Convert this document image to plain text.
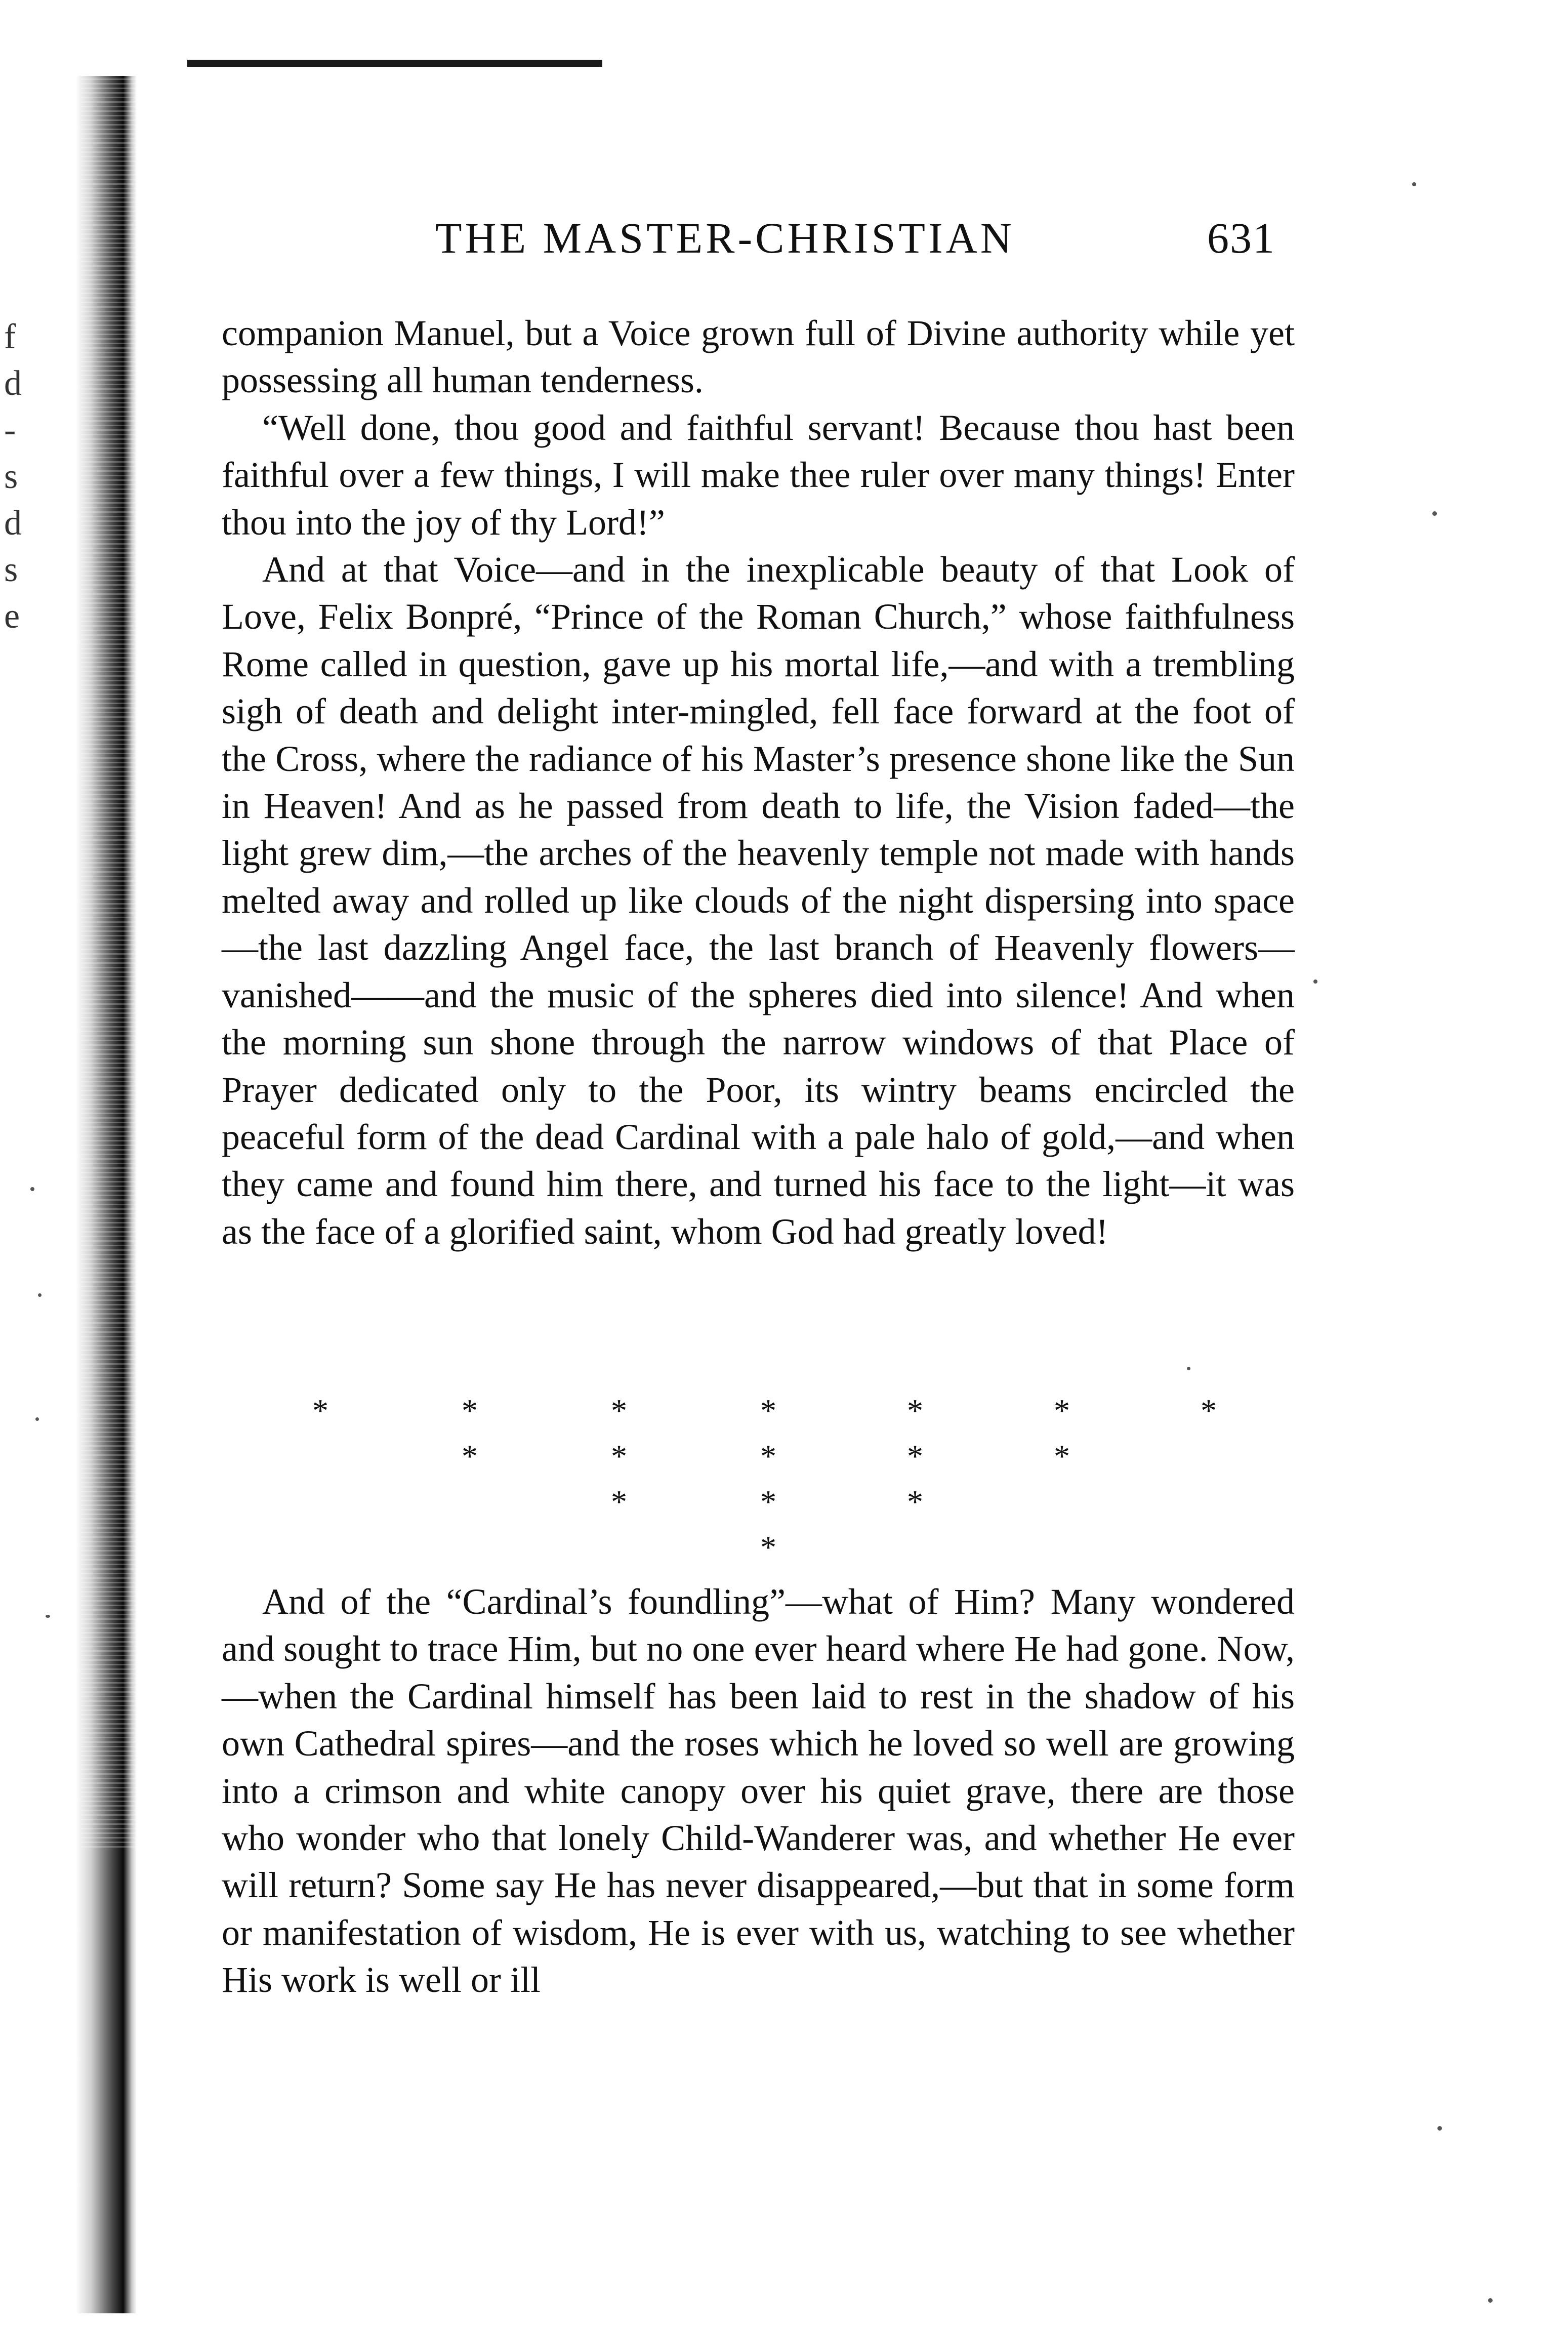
f
d
-
s
d
s
e
THE MASTER-CHRISTIAN	631

companion Manuel, but a Voice grown full of Divine authority while yet possessing all human tenderness.

“Well done, thou good and faithful servant! Because thou hast been faithful over a few things, I will make thee ruler over many things! Enter thou into the joy of thy Lord!”

And at that Voice—and in the inexplicable beauty of that Look of Love, Felix Bonpré, “Prince of the Roman Church,” whose faithfulness Rome called in question, gave up his mortal life,—and with a trembling sigh of death and delight inter-mingled, fell face forward at the foot of the Cross, where the radiance of his Master’s presence shone like the Sun in Heaven! And as he passed from death to life, the Vision faded—the light grew dim,—the arches of the heavenly temple not made with hands melted away and rolled up like clouds of the night dispersing into space—the last dazzling Angel face, the last branch of Heavenly flowers—vanished——and the music of the spheres died into silence! And when the morning sun shone through the narrow windows of that Place of Prayer dedicated only to the Poor, its wintry beams encircled the peaceful form of the dead Cardinal with a pale halo of gold,—and when they came and found him there, and turned his face to the light—it was as the face of a glorified saint, whom God had greatly loved!

*	*	*	*	*	*	*
*	*	*	*	*
*	*	*
*

And of the “Cardinal’s foundling”—what of Him? Many wondered and sought to trace Him, but no one ever heard where He had gone. Now,—when the Cardinal himself has been laid to rest in the shadow of his own Cathedral spires—and the roses which he loved so well are growing into a crimson and white canopy over his quiet grave, there are those who wonder who that lonely Child-Wanderer was, and whether He ever will return? Some say He has never disappeared,—but that in some form or manifestation of wisdom, He is ever with us, watching to see whether His work is well or ill
